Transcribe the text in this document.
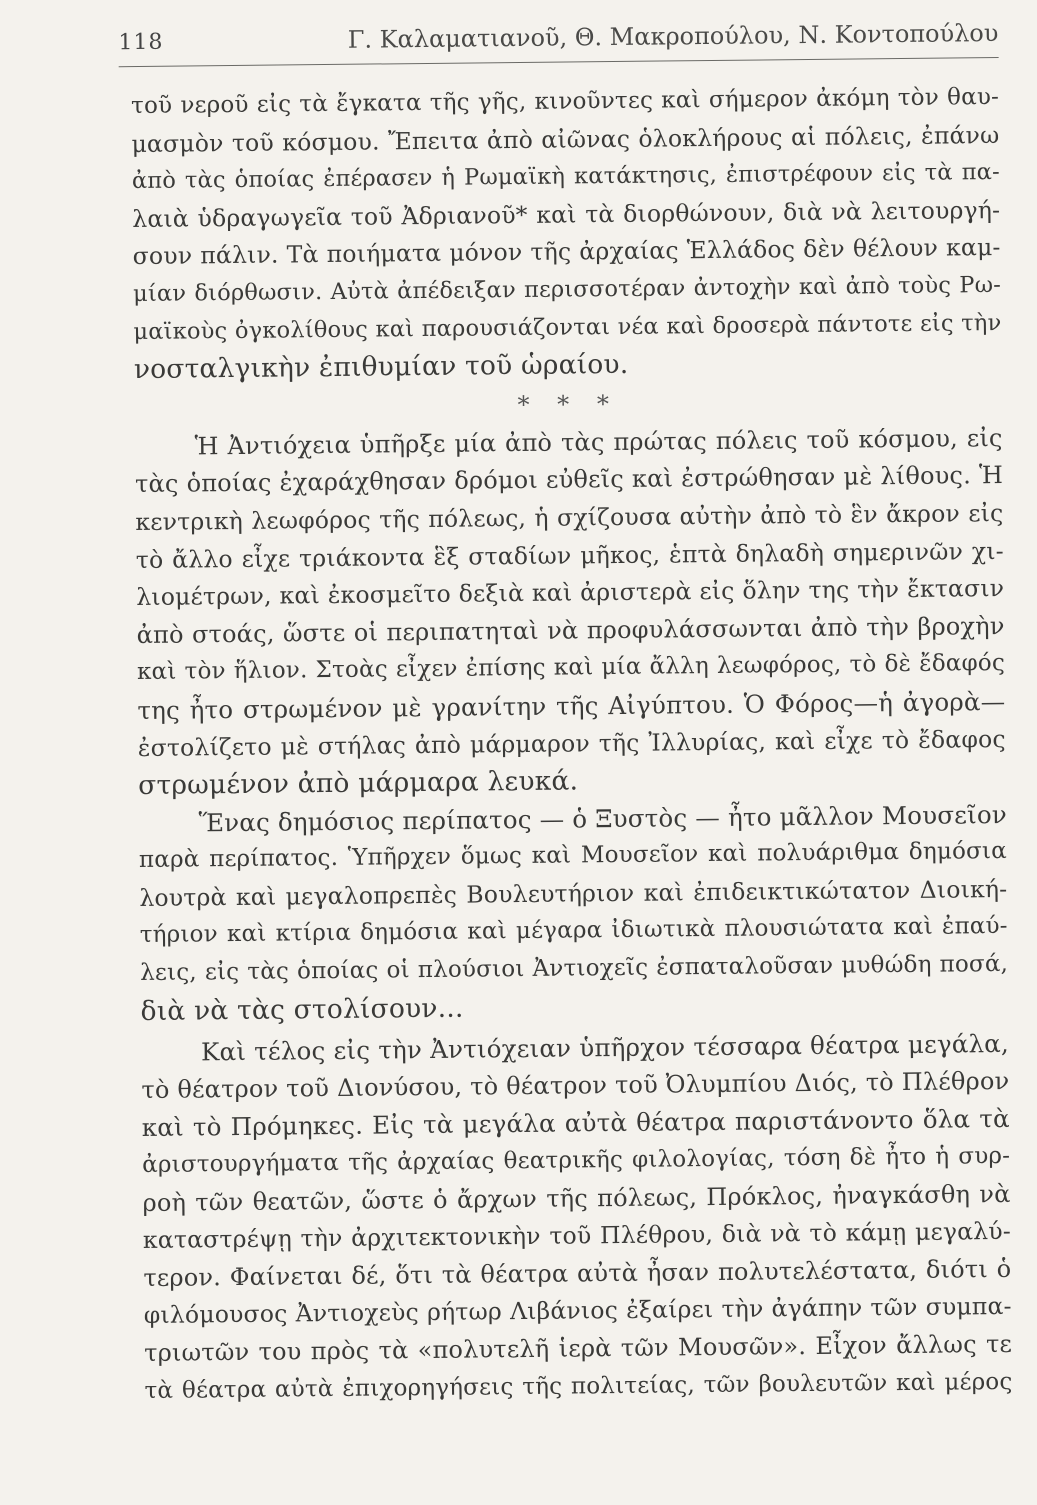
118	Γ. Καλαματιανοῦ, Θ. Μακροπούλου, Ν. Κοντοπούλου
τοῦ νεροῦ εἰς τὰ ἔγκατα τῆς γῆς, κινοῦντες καὶ σήμερον ἀκόμη τὸν θαυ-
μασμὸν τοῦ κόσμου. Ἔπειτα ἀπὸ αἰῶνας ὁλοκλήρους αἱ πόλεις, ἐπάνω
ἀπὸ τὰς ὁποίας ἐπέρασεν ἡ Ρωμαϊκὴ κατάκτησις, ἐπιστρέφουν εἰς τὰ πα-
λαιὰ ὑδραγωγεῖα τοῦ Ἀδριανοῦ* καὶ τὰ διορθώνουν, διὰ νὰ λειτουργή-
σουν πάλιν. Τὰ ποιήματα μόνον τῆς ἀρχαίας Ἑλλάδος δὲν θέλουν καμ-
μίαν διόρθωσιν. Αὐτὰ ἀπέδειξαν περισσοτέραν ἀντοχὴν καὶ ἀπὸ τοὺς Ρω-
μαϊκοὺς ὀγκολίθους καὶ παρουσιάζονται νέα καὶ δροσερὰ πάντοτε εἰς τὴν
νοσταλγικὴν ἐπιθυμίαν τοῦ ὡραίου.
* * *
Ἡ Ἀντιόχεια ὑπῆρξε μία ἀπὸ τὰς πρώτας πόλεις τοῦ κόσμου, εἰς
τὰς ὁποίας ἐχαράχθησαν δρόμοι εὐθεῖς καὶ ἐστρώθησαν μὲ λίθους. Ἡ
κεντρικὴ λεωφόρος τῆς πόλεως, ἡ σχίζουσα αὐτὴν ἀπὸ τὸ ἓν ἄκρον εἰς
τὸ ἄλλο εἶχε τριάκοντα ἓξ σταδίων μῆκος, ἑπτὰ δηλαδὴ σημερινῶν χι-
λιομέτρων, καὶ ἐκοσμεῖτο δεξιὰ καὶ ἀριστερὰ εἰς ὅλην της τὴν ἔκτασιν
ἀπὸ στοάς, ὥστε οἱ περιπατηταὶ νὰ προφυλάσσωνται ἀπὸ τὴν βροχὴν
καὶ τὸν ἥλιον. Στοὰς εἶχεν ἐπίσης καὶ μία ἄλλη λεωφόρος, τὸ δὲ ἔδαφός
της ἦτο στρωμένον μὲ γρανίτην τῆς Αἰγύπτου. Ὁ Φόρος—ἡ ἀγορὰ—
ἐστολίζετο μὲ στήλας ἀπὸ μάρμαρον τῆς Ἰλλυρίας, καὶ εἶχε τὸ ἔδαφος
στρωμένον ἀπὸ μάρμαρα λευκά.
Ἕνας δημόσιος περίπατος — ὁ Ξυστὸς — ἦτο μᾶλλον Μουσεῖον
παρὰ περίπατος. Ὑπῆρχεν ὅμως καὶ Μουσεῖον καὶ πολυάριθμα δημόσια
λουτρὰ καὶ μεγαλοπρεπὲς Βουλευτήριον καὶ ἐπιδεικτικώτατον Διοική-
τήριον καὶ κτίρια δημόσια καὶ μέγαρα ἰδιωτικὰ πλουσιώτατα καὶ ἐπαύ-
λεις, εἰς τὰς ὁποίας οἱ πλούσιοι Ἀντιοχεῖς ἐσπαταλοῦσαν μυθώδη ποσά,
διὰ νὰ τὰς στολίσουν...
Καὶ τέλος εἰς τὴν Ἀντιόχειαν ὑπῆρχον τέσσαρα θέατρα μεγάλα,
τὸ θέατρον τοῦ Διονύσου, τὸ θέατρον τοῦ Ὀλυμπίου Διός, τὸ Πλέθρον
καὶ τὸ Πρόμηκες. Εἰς τὰ μεγάλα αὐτὰ θέατρα παριστάνοντο ὅλα τὰ
ἀριστουργήματα τῆς ἀρχαίας θεατρικῆς φιλολογίας, τόση δὲ ἦτο ἡ συρ-
ροὴ τῶν θεατῶν, ὥστε ὁ ἄρχων τῆς πόλεως, Πρόκλος, ἠναγκάσθη νὰ
καταστρέψῃ τὴν ἀρχιτεκτονικὴν τοῦ Πλέθρου, διὰ νὰ τὸ κάμῃ μεγαλύ-
τερον. Φαίνεται δέ, ὅτι τὰ θέατρα αὐτὰ ἦσαν πολυτελέστατα, διότι ὁ
φιλόμουσος Ἀντιοχεὺς ρήτωρ Λιβάνιος ἐξαίρει τὴν ἀγάπην τῶν συμπα-
τριωτῶν του πρὸς τὰ «πολυτελῆ ἱερὰ τῶν Μουσῶν». Εἶχον ἄλλως τε
τὰ θέατρα αὐτὰ ἐπιχορηγήσεις τῆς πολιτείας, τῶν βουλευτῶν καὶ μέρος
